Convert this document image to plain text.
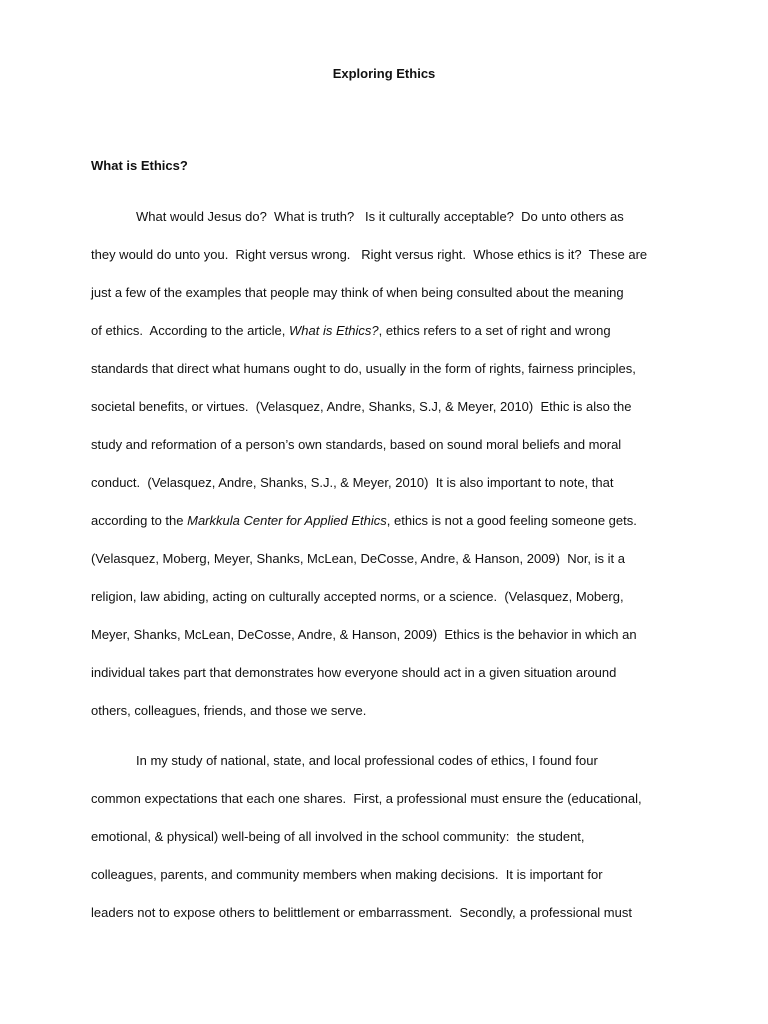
Exploring Ethics
What is Ethics?
What would Jesus do?  What is truth?   Is it culturally acceptable?  Do unto others as
they would do unto you.  Right versus wrong.   Right versus right.  Whose ethics is it?  These are
just a few of the examples that people may think of when being consulted about the meaning
of ethics.  According to the article, What is Ethics?, ethics refers to a set of right and wrong
standards that direct what humans ought to do, usually in the form of rights, fairness principles,
societal benefits, or virtues.  (Velasquez, Andre, Shanks, S.J, & Meyer, 2010)  Ethic is also the
study and reformation of a person’s own standards, based on sound moral beliefs and moral
conduct.  (Velasquez, Andre, Shanks, S.J., & Meyer, 2010)  It is also important to note, that
according to the Markkula Center for Applied Ethics, ethics is not a good feeling someone gets.
(Velasquez, Moberg, Meyer, Shanks, McLean, DeCosse, Andre, & Hanson, 2009)  Nor, is it a
religion, law abiding, acting on culturally accepted norms, or a science.  (Velasquez, Moberg,
Meyer, Shanks, McLean, DeCosse, Andre, & Hanson, 2009)  Ethics is the behavior in which an
individual takes part that demonstrates how everyone should act in a given situation around
others, colleagues, friends, and those we serve.
In my study of national, state, and local professional codes of ethics, I found four
common expectations that each one shares.  First, a professional must ensure the (educational,
emotional, & physical) well-being of all involved in the school community:  the student,
colleagues, parents, and community members when making decisions.  It is important for
leaders not to expose others to belittlement or embarrassment.  Secondly, a professional must
